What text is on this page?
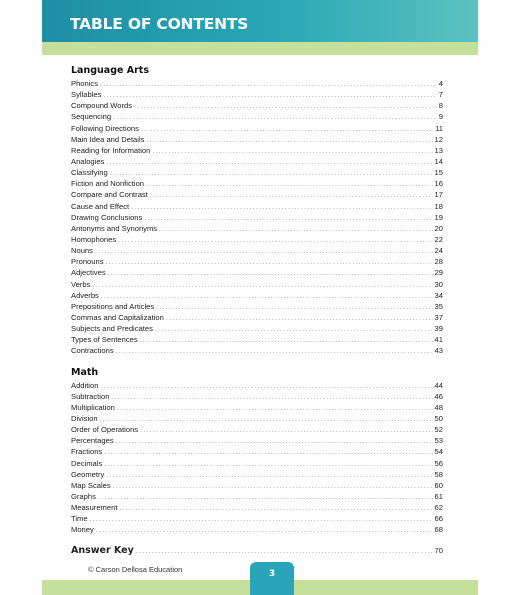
TABLE OF CONTENTS
Language Arts
Phonics .....	4
Syllables .....	7
Compound Words .....	8
Sequencing .....	9
Following Directions .....	11
Main Idea and Details .....	12
Reading for Information .....	13
Analogies .....	14
Classifying .....	15
Fiction and Nonfiction .....	16
Compare and Contrast .....	17
Cause and Effect .....	18
Drawing Conclusions .....	19
Antonyms and Synonyms .....	20
Homophones .....	22
Nouns .....	24
Pronouns .....	28
Adjectives .....	29
Verbs .....	30
Adverbs .....	34
Prepositions and Articles .....	35
Commas and Capitalization .....	37
Subjects and Predicates .....	39
Types of Sentences .....	41
Contractions .....	43
Math
Addition .....	44
Subtraction .....	46
Multiplication .....	48
Division .....	50
Order of Operations .....	52
Percentages .....	53
Fractions .....	54
Decimals .....	56
Geometry .....	58
Map Scales .....	60
Graphs .....	61
Measurement .....	62
Time .....	66
Money .....	68
Answer Key .....	70
© Carson Dellosa Education	3
